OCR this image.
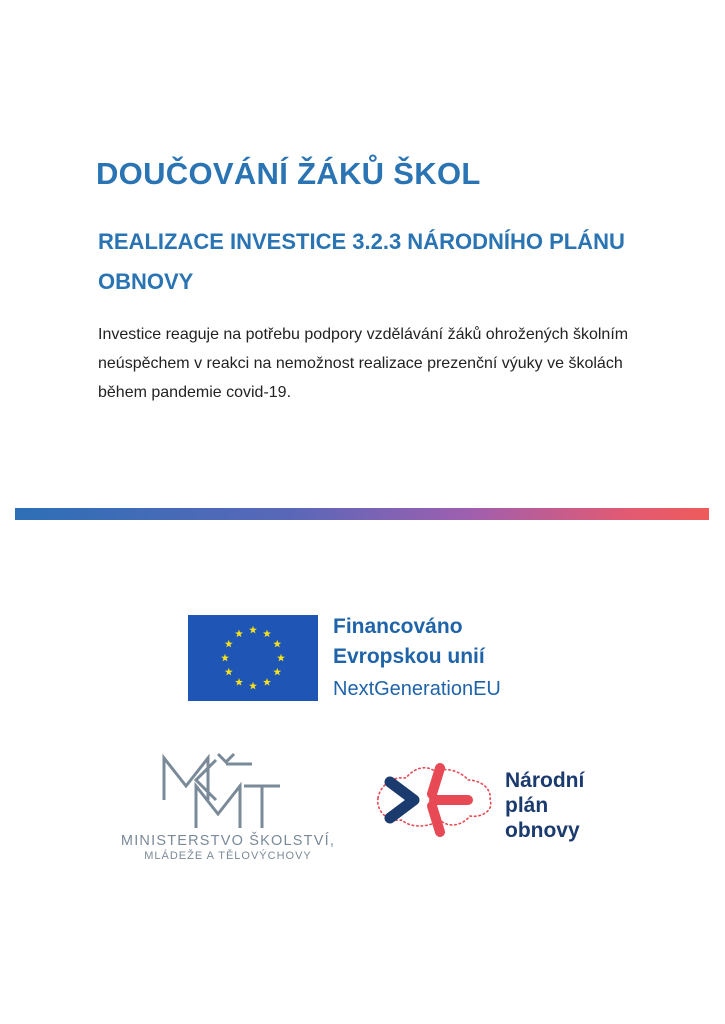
DOUČOVÁNÍ ŽÁKŮ ŠKOL
REALIZACE INVESTICE 3.2.3 NÁRODNÍHO PLÁNU OBNOVY
Investice reaguje na potřebu podpory vzdělávání žáků ohrožených školním neúspěchem v reakci na nemožnost realizace prezenční výuky ve školách během pandemie covid-19.
Financováno
Evropskou unií
NextGenerationEU
MINISTERSTVO ŠKOLSTVÍ,
MLÁDEŽE A TĚLOVÝCHOVY
Národní
plán
obnovy
